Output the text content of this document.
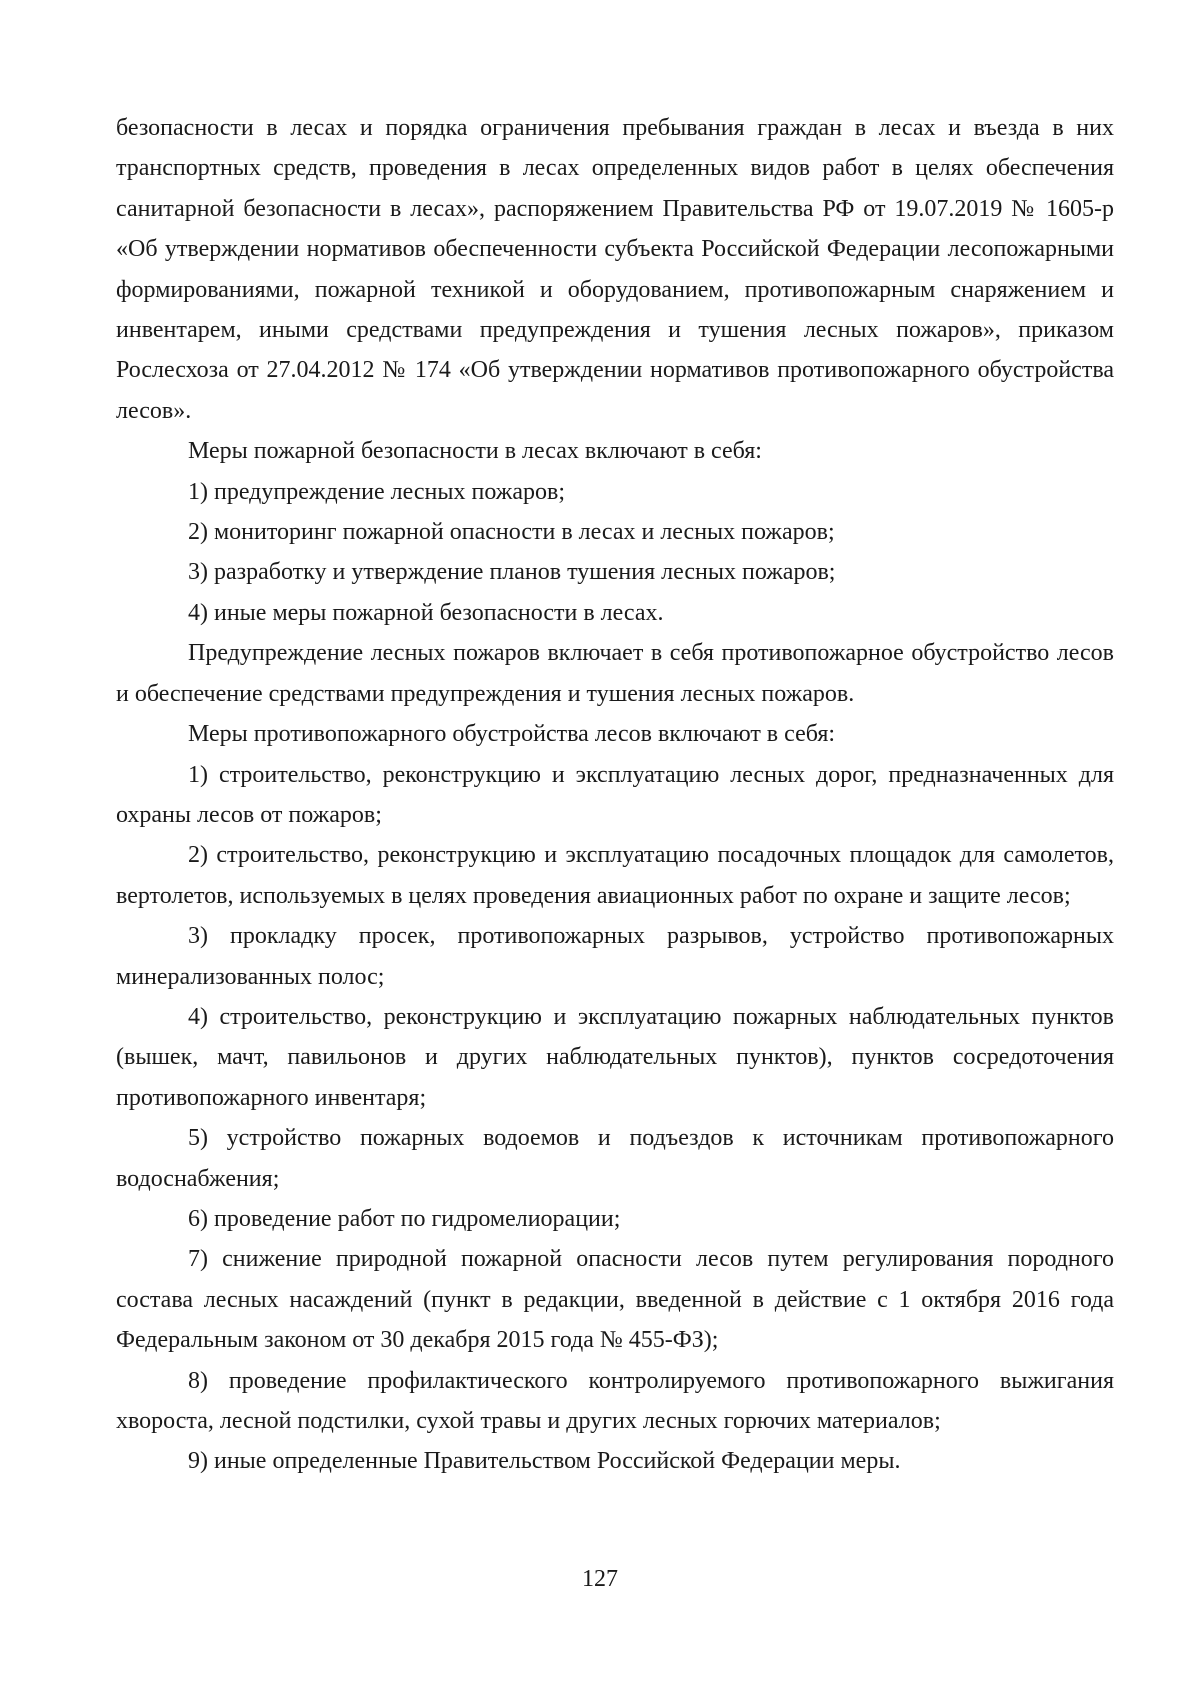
безопасности в лесах и порядка ограничения пребывания граждан в лесах и въезда в них транспортных средств, проведения в лесах определенных видов работ в целях обеспечения санитарной безопасности в лесах», распоряжением Правительства РФ от 19.07.2019 № 1605-р «Об утверждении нормативов обеспеченности субъекта Российской Федерации лесопожарными формированиями, пожарной техникой и оборудованием, противопожарным снаряжением и инвентарем, иными средствами предупреждения и тушения лесных пожаров», приказом Рослесхоза от 27.04.2012 № 174 «Об утверждении нормативов противопожарного обустройства лесов».

Меры пожарной безопасности в лесах включают в себя:

1) предупреждение лесных пожаров;

2) мониторинг пожарной опасности в лесах и лесных пожаров;

3) разработку и утверждение планов тушения лесных пожаров;

4) иные меры пожарной безопасности в лесах.

Предупреждение лесных пожаров включает в себя противопожарное обустройство лесов и обеспечение средствами предупреждения и тушения лесных пожаров.

Меры противопожарного обустройства лесов включают в себя:

1) строительство, реконструкцию и эксплуатацию лесных дорог, предназначенных для охраны лесов от пожаров;

2) строительство, реконструкцию и эксплуатацию посадочных площадок для самолетов, вертолетов, используемых в целях проведения авиационных работ по охране и защите лесов;

3) прокладку просек, противопожарных разрывов, устройство противопожарных минерализованных полос;

4) строительство, реконструкцию и эксплуатацию пожарных наблюдательных пунктов (вышек, мачт, павильонов и других наблюдательных пунктов), пунктов сосредоточения противопожарного инвентаря;

5) устройство пожарных водоемов и подъездов к источникам противопожарного водоснабжения;

6) проведение работ по гидромелиорации;

7) снижение природной пожарной опасности лесов путем регулирования породного состава лесных насаждений (пункт в редакции, введенной в действие с 1 октября 2016 года Федеральным законом от 30 декабря 2015 года № 455-ФЗ);

8) проведение профилактического контролируемого противопожарного выжигания хвороста, лесной подстилки, сухой травы и других лесных горючих материалов;

9) иные определенные Правительством Российской Федерации меры.

127
